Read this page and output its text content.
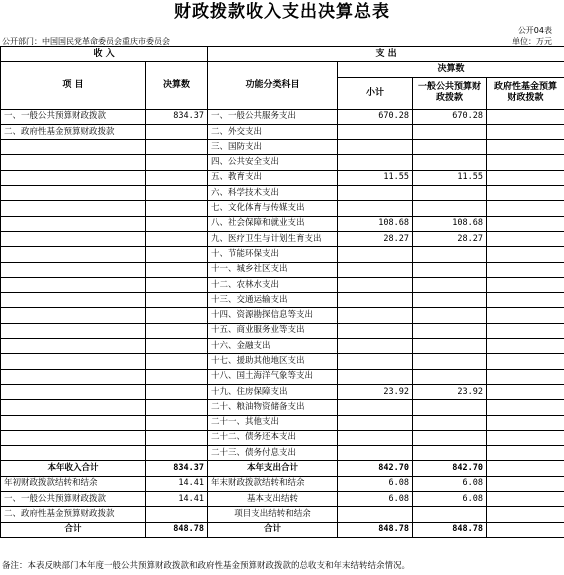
财政拨款收入支出决算总表
公开04表
公开部门：中国国民党革命委员会重庆市委员会	单位：万元
收 入		支 出			
项 目	决算数	功能分类科目	决算数		
			小计	一般公共预算财政拨款	政府性基金预算财政拨款
一、一般公共预算财政拨款	834.37	一、一般公共服务支出	670.28	670.28	
二、政府性基金预算财政拨款		二、外交支出			
		三、国防支出			
		四、公共安全支出			
		五、教育支出	11.55	11.55	
		六、科学技术支出			
		七、文化体育与传媒支出			
		八、社会保障和就业支出	108.68	108.68	
		九、医疗卫生与计划生育支出	28.27	28.27	
		十、节能环保支出			
		十一、城乡社区支出			
		十二、农林水支出			
		十三、交通运输支出			
		十四、资源勘探信息等支出			
		十五、商业服务业等支出			
		十六、金融支出			
		十七、援助其他地区支出			
		十八、国土海洋气象等支出			
		十九、住房保障支出	23.92	23.92	
		二十、粮油物资储备支出			
		二十一、其他支出			
		二十二、债务还本支出			
		二十三、债务付息支出			
本年收入合计	834.37	本年支出合计	842.70	842.70	
年初财政拨款结转和结余	14.41	年末财政拨款结转和结余	6.08	6.08	
一、一般公共预算财政拨款	14.41	基本支出结转	6.08	6.08	
二、政府性基金预算财政拨款		项目支出结转和结余			
合计	848.78	合计	848.78	848.78	
备注：本表反映部门本年度一般公共预算财政拨款和政府性基金预算财政拨款的总收支和年末结转结余情况。
